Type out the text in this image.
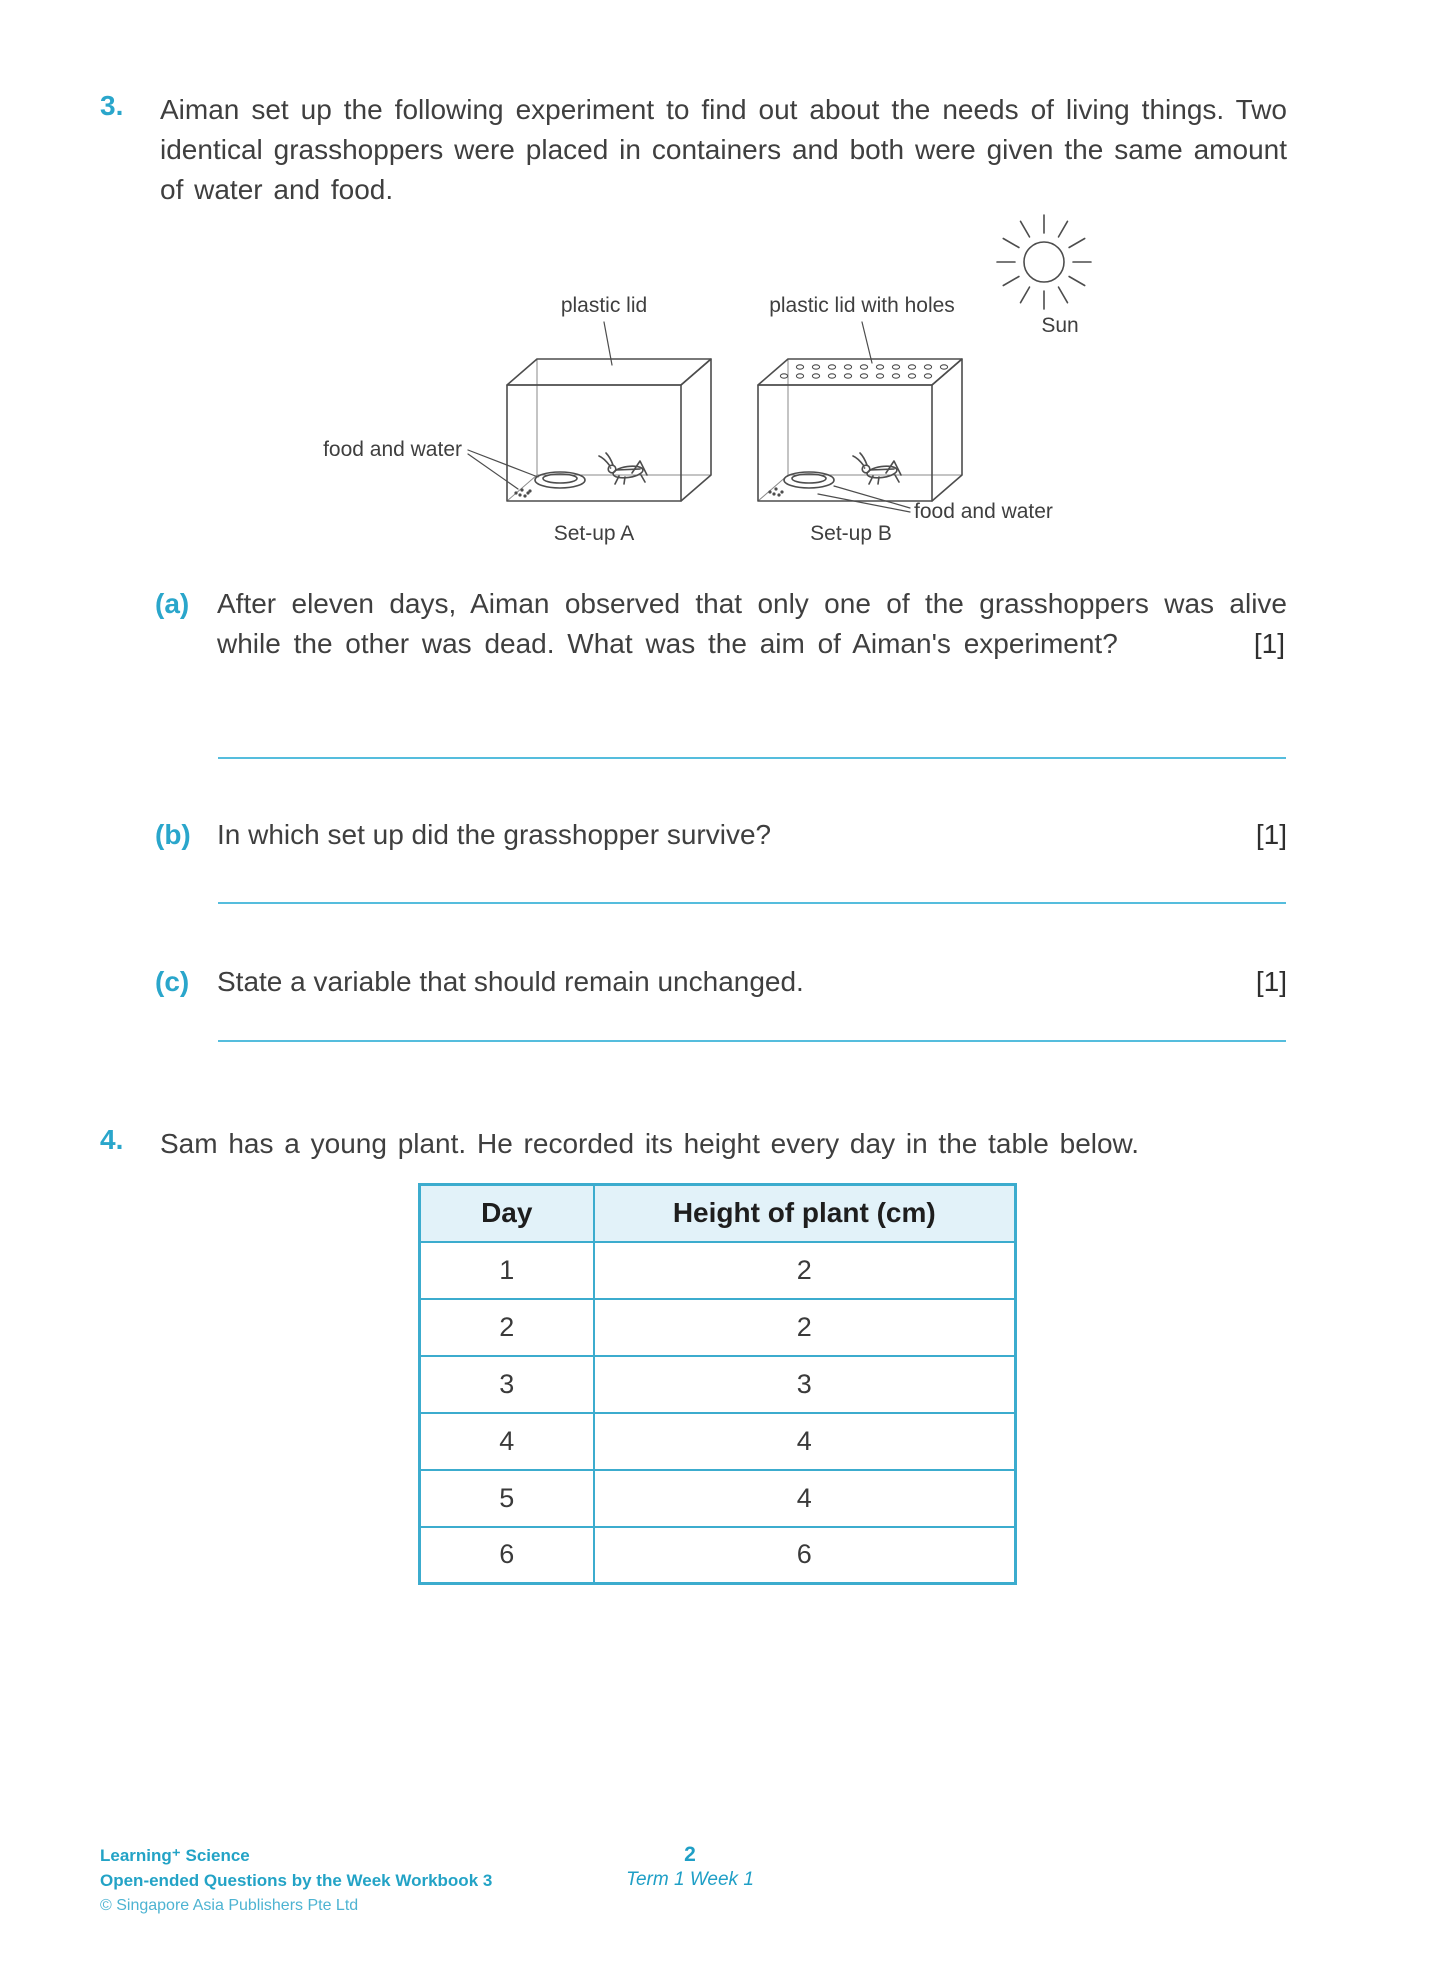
3. Aiman set up the following experiment to find out about the needs of living things. Two identical grasshoppers were placed in containers and both were given the same amount of water and food.

plastic lid	plastic lid with holes
Sun
food and water
food and water
Set-up A	Set-up B
(a) After eleven days, Aiman observed that only one of the grasshoppers was alive while the other was dead. What was the aim of Aiman's experiment?	[1]
(b) In which set up did the grasshopper survive?	[1]
(c) State a variable that should remain unchanged.	[1]
4. Sam has a young plant. He recorded its height every day in the table below.

Day	Height of plant (cm)
1	2
2	2
3	3
4	4
5	4
6	6
Learning⁺ Science
Open-ended Questions by the Week Workbook 3
© Singapore Asia Publishers Pte Ltd
2
Term 1 Week 1
